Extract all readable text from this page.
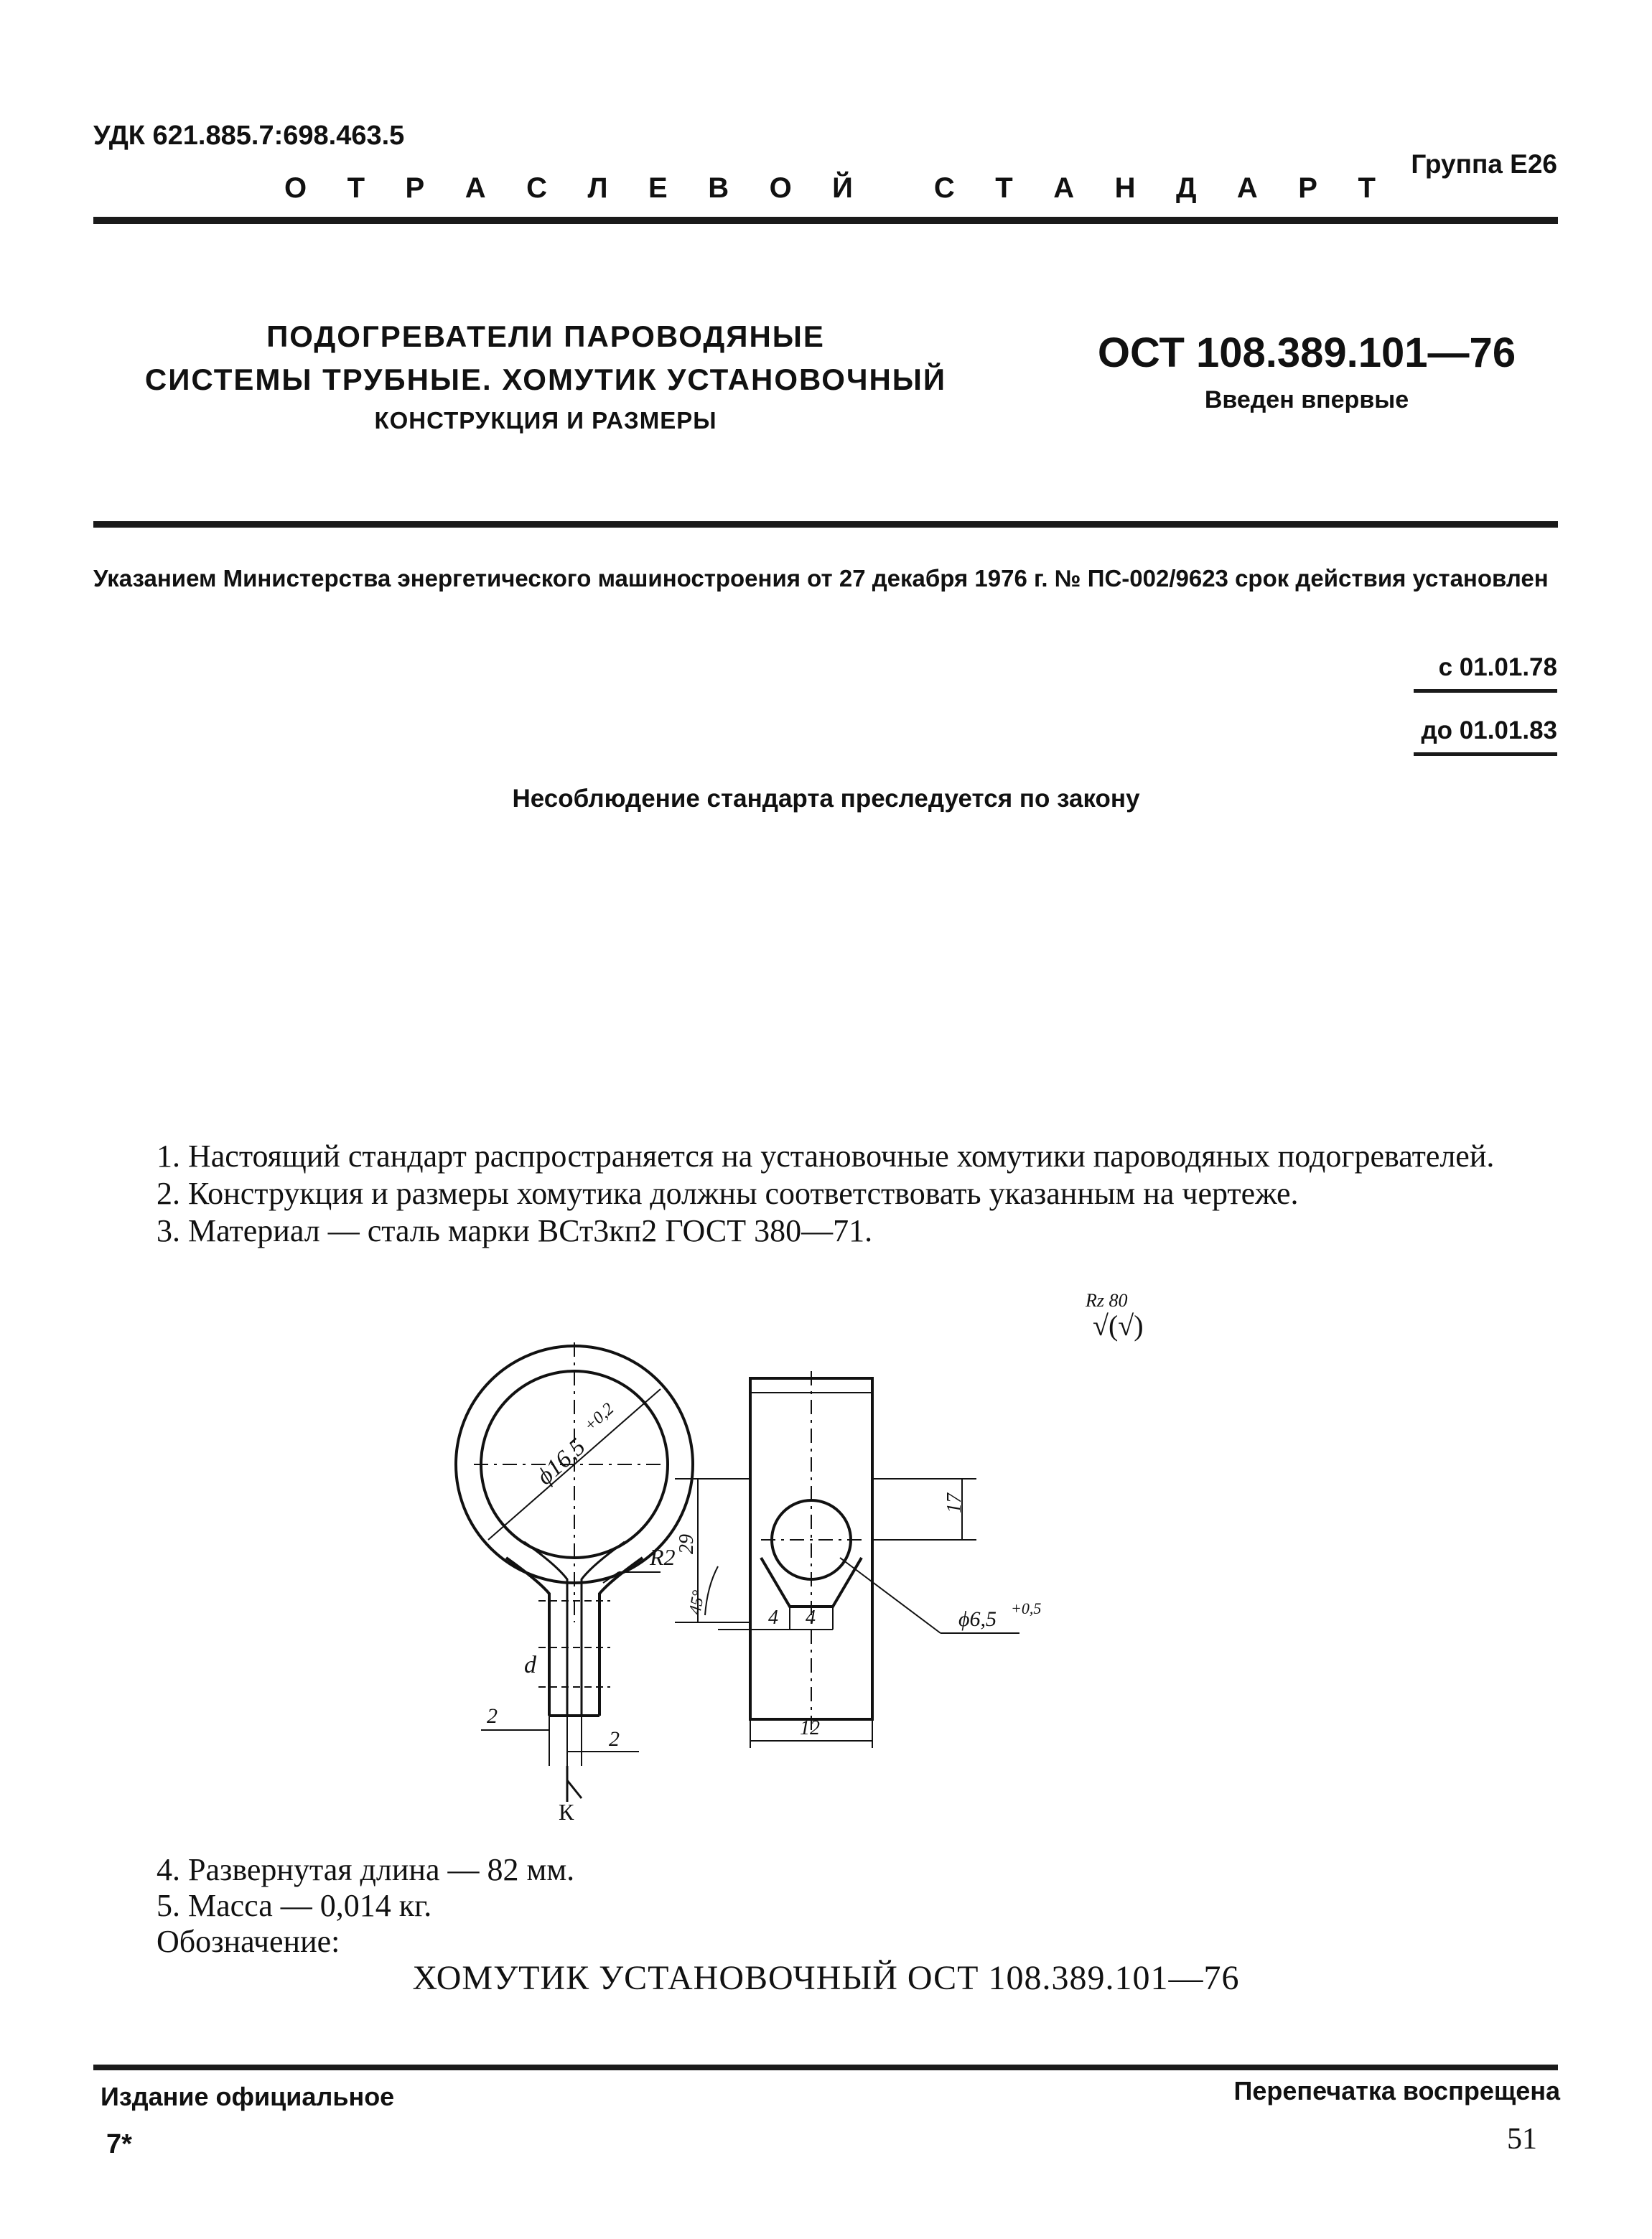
УДК 621.885.7:698.463.5
Группа Е26
О Т Р А С Л Е В О Й	С Т А Н Д А Р Т
ПОДОГРЕВАТЕЛИ ПАРОВОДЯНЫЕ
СИСТЕМЫ ТРУБНЫЕ. ХОМУТИК УСТАНОВОЧНЫЙ
КОНСТРУКЦИЯ И РАЗМЕРЫ
ОСТ 108.389.101—76
Введен впервые
Указанием Министерства энергетического машиностроения от 27 декабря 1976 г. № ПС-002/9623 срок действия установлен
с 01.01.78
до 01.01.83
Несоблюдение стандарта преследуется по закону
1. Настоящий стандарт распространяется на установочные хомутики пароводяных подогревателей.
2. Конструкция и размеры хомутика должны соответствовать указанным на чертеже.
3. Материал — сталь марки ВСт3кп2 ГОСТ 380—71.
Rz 80
√(√)
ϕ16,5
+0,2
R2
d
2
2
К
29
17
45°
ϕ6,5 +0,5
4 4
12
4. Развернутая длина — 82 мм.
5. Масса — 0,014 кг.
Обозначение:
ХОМУТИК УСТАНОВОЧНЫЙ ОСТ 108.389.101—76
Издание официальное	Перепечатка воспрещена
7*	51
